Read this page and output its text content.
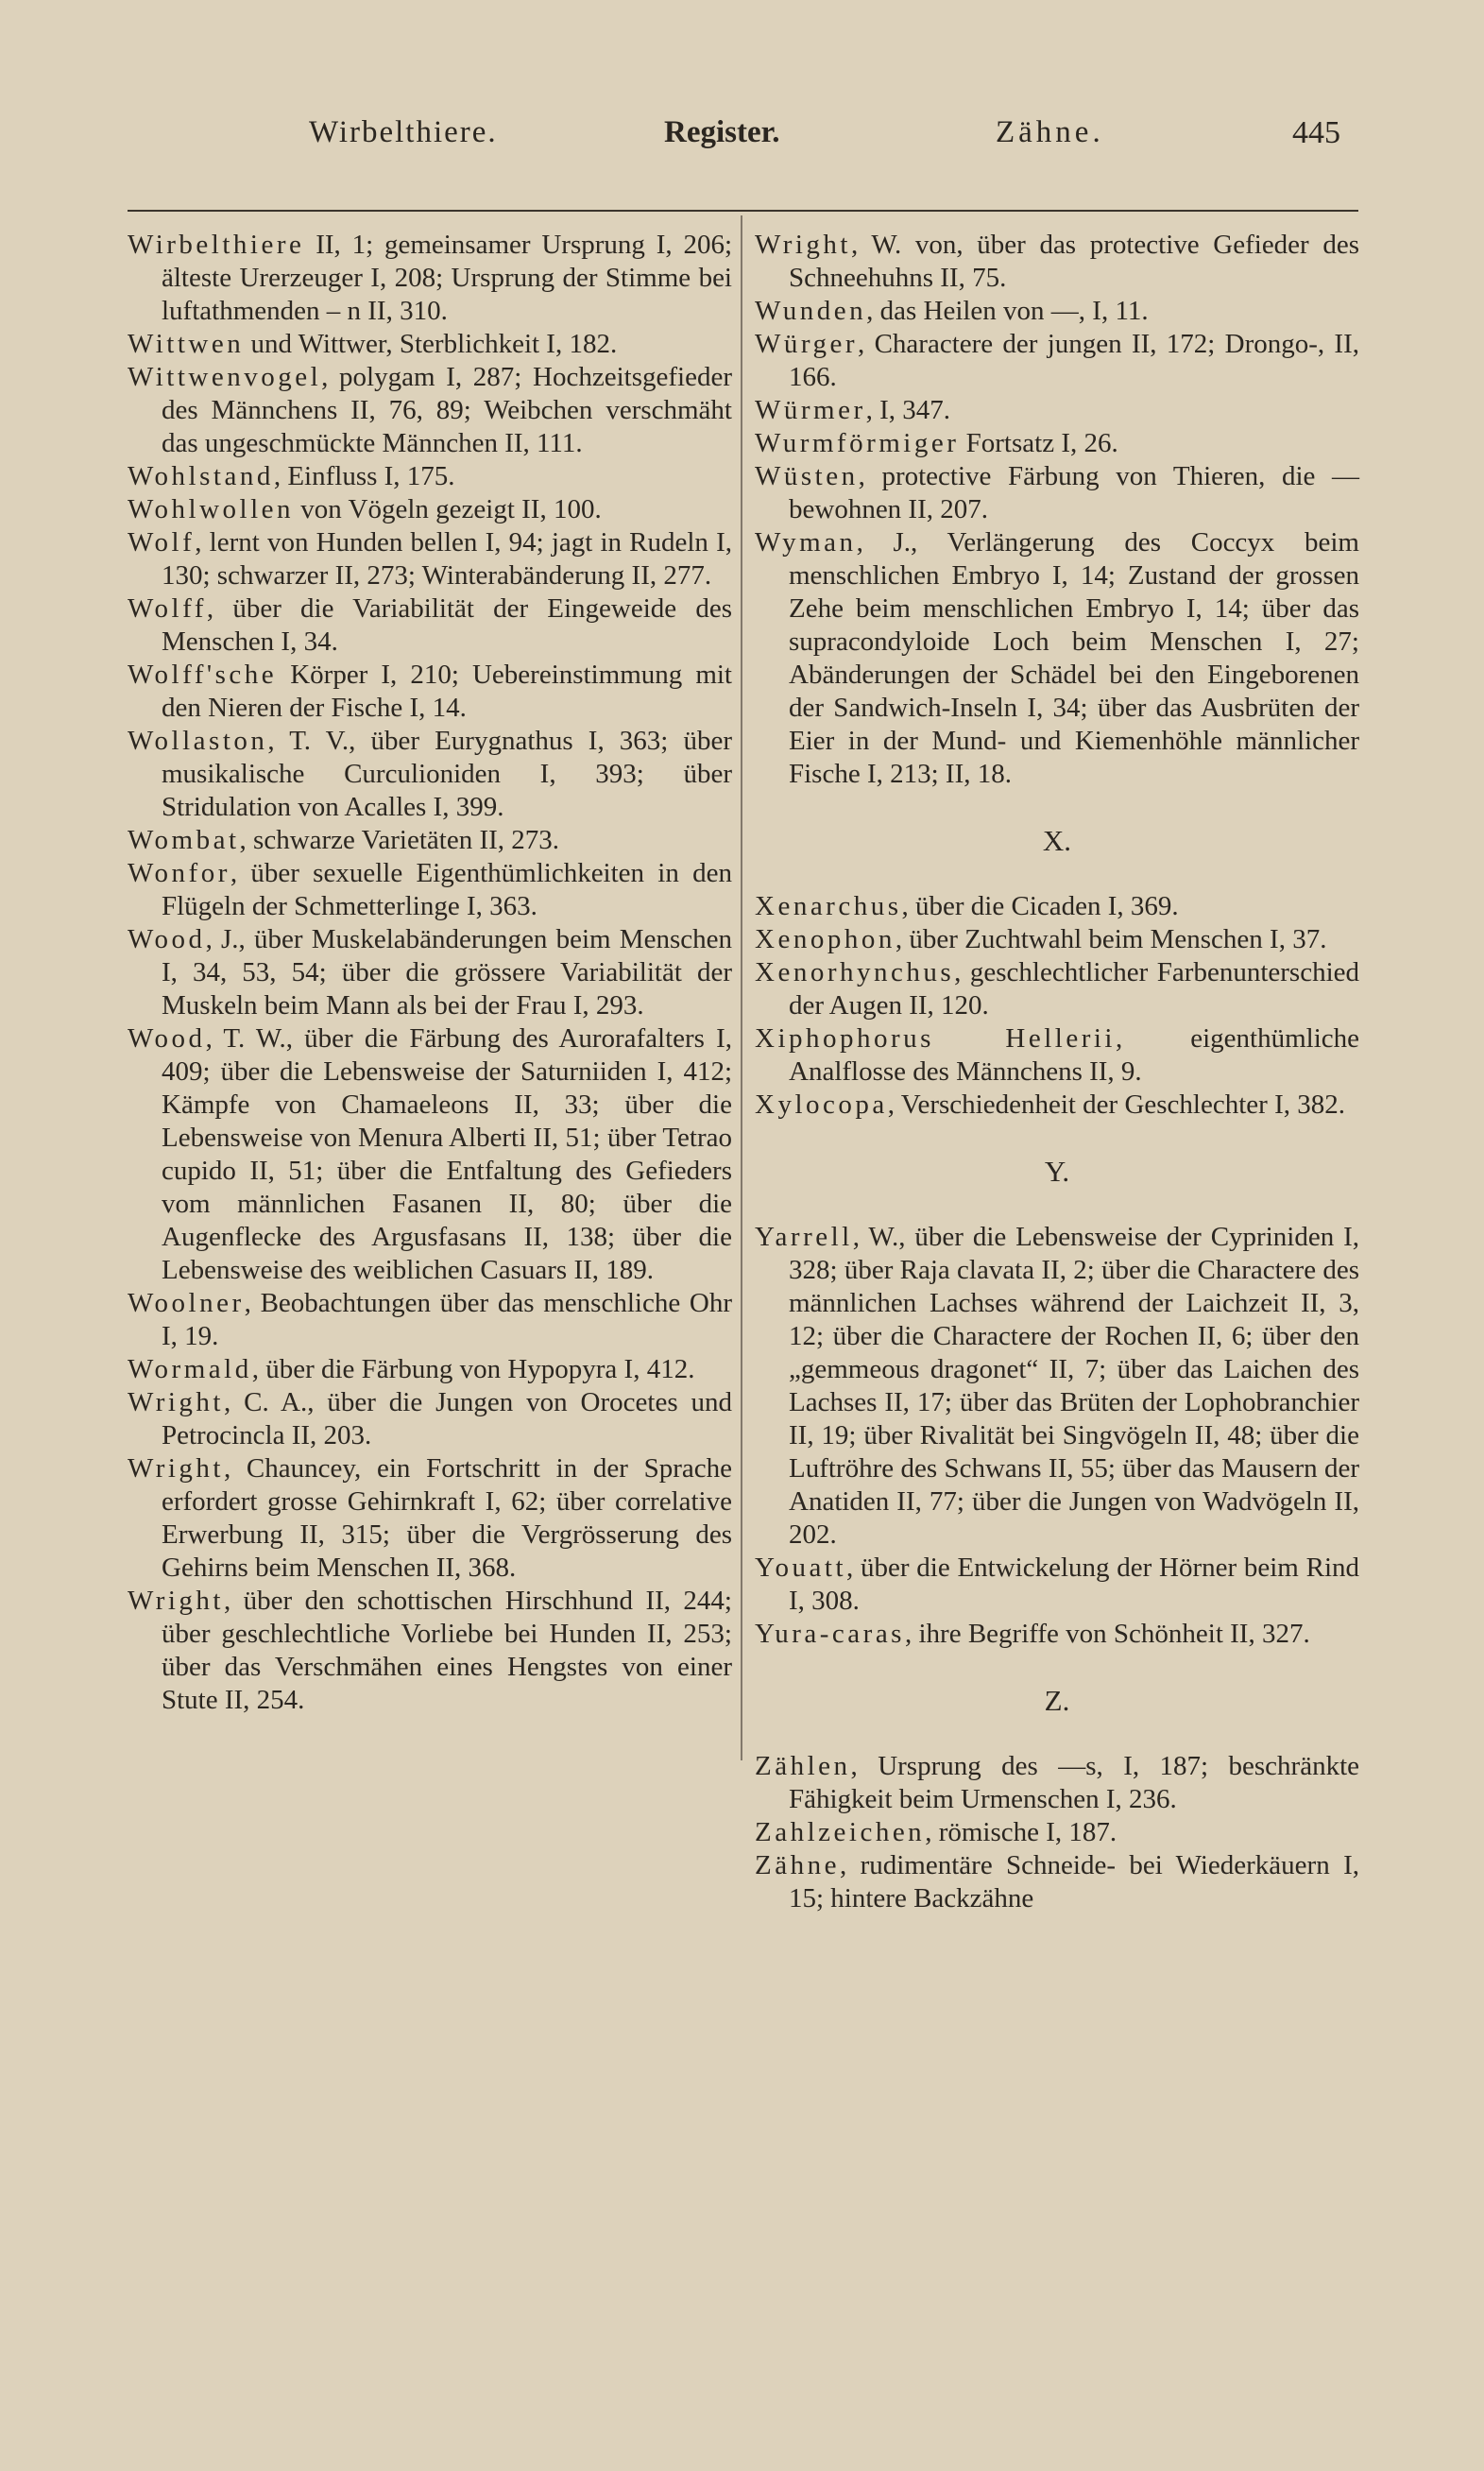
Wirbelthiere.	Register.	Zähne.	445

Wirbelthiere II, 1; gemeinsamer Ursprung I, 206; älteste Urerzeuger I, 208; Ursprung der Stimme bei luftathmenden – n II, 310.

Wittwen und Wittwer, Sterblichkeit I, 182.

Wittwenvogel, polygam I, 287; Hochzeitsgefieder des Männchens II, 76, 89; Weibchen verschmäht das ungeschmückte Männchen II, 111.

Wohlstand, Einfluss I, 175.

Wohlwollen von Vögeln gezeigt II, 100.

Wolf, lernt von Hunden bellen I, 94; jagt in Rudeln I, 130; schwarzer II, 273; Winterabänderung II, 277.

Wolff, über die Variabilität der Eingeweide des Menschen I, 34.

Wolff'sche Körper I, 210; Uebereinstimmung mit den Nieren der Fische I, 14.

Wollaston, T. V., über Eurygnathus I, 363; über musikalische Curculioniden I, 393; über Stridulation von Acalles I, 399.

Wombat, schwarze Varietäten II, 273.

Wonfor, über sexuelle Eigenthümlichkeiten in den Flügeln der Schmetterlinge I, 363.

Wood, J., über Muskelabänderungen beim Menschen I, 34, 53, 54; über die grössere Variabilität der Muskeln beim Mann als bei der Frau I, 293.

Wood, T. W., über die Färbung des Aurorafalters I, 409; über die Lebensweise der Saturniiden I, 412; Kämpfe von Chamaeleons II, 33; über die Lebensweise von Menura Alberti II, 51; über Tetrao cupido II, 51; über die Entfaltung des Gefieders vom männlichen Fasanen II, 80; über die Augenflecke des Argusfasans II, 138; über die Lebensweise des weiblichen Casuars II, 189.

Woolner, Beobachtungen über das menschliche Ohr I, 19.

Wormald, über die Färbung von Hypopyra I, 412.

Wright, C. A., über die Jungen von Orocetes und Petrocincla II, 203.

Wright, Chauncey, ein Fortschritt in der Sprache erfordert grosse Gehirnkraft I, 62; über correlative Erwerbung II, 315; über die Vergrösserung des Gehirns beim Menschen II, 368.

Wright, über den schottischen Hirschhund II, 244; über geschlechtliche Vorliebe bei Hunden II, 253; über das Verschmähen eines Hengstes von einer Stute II, 254.

Wright, W. von, über das protective Gefieder des Schneehuhns II, 75.

Wunden, das Heilen von —, I, 11.

Würger, Charactere der jungen II, 172; Drongo-, II, 166.

Würmer, I, 347.

Wurmförmiger Fortsatz I, 26.

Wüsten, protective Färbung von Thieren, die — bewohnen II, 207.

Wyman, J., Verlängerung des Coccyx beim menschlichen Embryo I, 14; Zustand der grossen Zehe beim menschlichen Embryo I, 14; über das supracondyloide Loch beim Menschen I, 27; Abänderungen der Schädel bei den Eingeborenen der Sandwich-Inseln I, 34; über das Ausbrüten der Eier in der Mund- und Kiemenhöhle männlicher Fische I, 213; II, 18.

X.

Xenarchus, über die Cicaden I, 369.

Xenophon, über Zuchtwahl beim Menschen I, 37.

Xenorhynchus, geschlechtlicher Farbenunterschied der Augen II, 120.

Xiphophorus Hellerii, eigenthümliche Analflosse des Männchens II, 9.

Xylocopa, Verschiedenheit der Geschlechter I, 382.

Y.

Yarrell, W., über die Lebensweise der Cypriniden I, 328; über Raja clavata II, 2; über die Charactere des männlichen Lachses während der Laichzeit II, 3, 12; über die Charactere der Rochen II, 6; über den „gemmeous dragonet“ II, 7; über das Laichen des Lachses II, 17; über das Brüten der Lophobranchier II, 19; über Rivalität bei Singvögeln II, 48; über die Luftröhre des Schwans II, 55; über das Mausern der Anatiden II, 77; über die Jungen von Wadvögeln II, 202.

Youatt, über die Entwickelung der Hörner beim Rind I, 308.

Yura-caras, ihre Begriffe von Schönheit II, 327.

Z.

Zählen, Ursprung des —s, I, 187; beschränkte Fähigkeit beim Urmenschen I, 236.

Zahlzeichen, römische I, 187.

Zähne, rudimentäre Schneide- bei Wiederkäuern I, 15; hintere Backzähne
